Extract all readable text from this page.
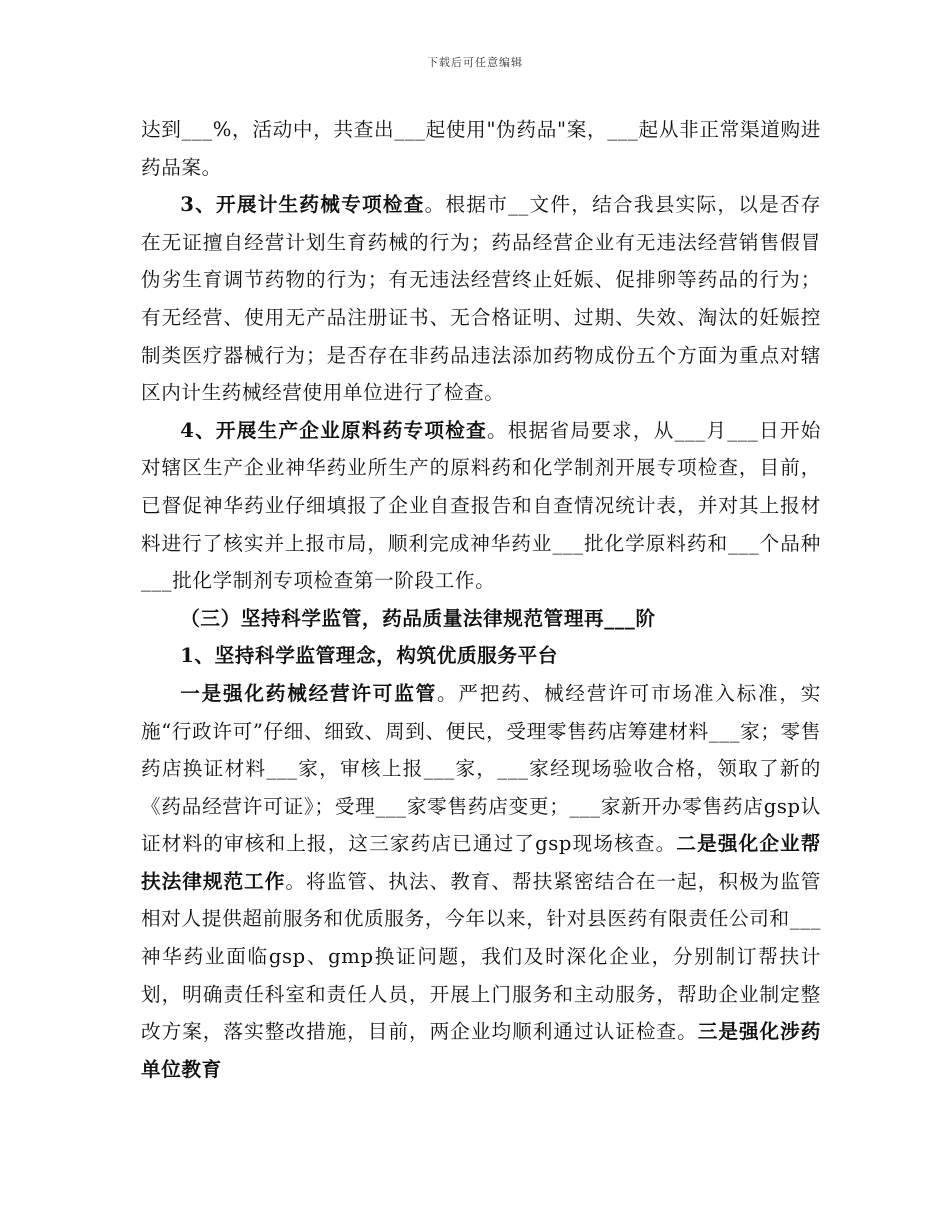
下载后可任意编辑

达到___%，活动中，共查出___起使用"伪药品"案，___起从非正常渠道购进药品案。

3、开展计生药械专项检查。根据市__文件，结合我县实际，以是否存在无证擅自经营计划生育药械的行为；药品经营企业有无违法经营销售假冒伪劣生育调节药物的行为；有无违法经营终止妊娠、促排卵等药品的行为；有无经营、使用无产品注册证书、无合格证明、过期、失效、淘汰的妊娠控制类医疗器械行为；是否存在非药品违法添加药物成份五个方面为重点对辖区内计生药械经营使用单位进行了检查。

4、开展生产企业原料药专项检查。根据省局要求，从___月___日开始对辖区生产企业神华药业所生产的原料药和化学制剂开展专项检查，目前，已督促神华药业仔细填报了企业自查报告和自查情况统计表，并对其上报材料进行了核实并上报市局，顺利完成神华药业___批化学原料药和___个品种___批化学制剂专项检查第一阶段工作。

（三）坚持科学监管，药品质量法律规范管理再___阶

1、坚持科学监管理念，构筑优质服务平台

一是强化药械经营许可监管。严把药、械经营许可市场准入标准，实施“行政许可”仔细、细致、周到、便民，受理零售药店筹建材料___家；零售药店换证材料___家，审核上报___家，___家经现场验收合格，领取了新的《药品经营许可证》；受理___家零售药店变更；___家新开办零售药店gsp认证材料的审核和上报，这三家药店已通过了gsp现场核查。二是强化企业帮扶法律规范工作。将监管、执法、教育、帮扶紧密结合在一起，积极为监管相对人提供超前服务和优质服务，今年以来，针对县医药有限责任公司和___神华药业面临gsp、gmp换证问题，我们及时深化企业，分别制订帮扶计划，明确责任科室和责任人员，开展上门服务和主动服务，帮助企业制定整改方案，落实整改措施，目前，两企业均顺利通过认证检查。三是强化涉药单位教育
